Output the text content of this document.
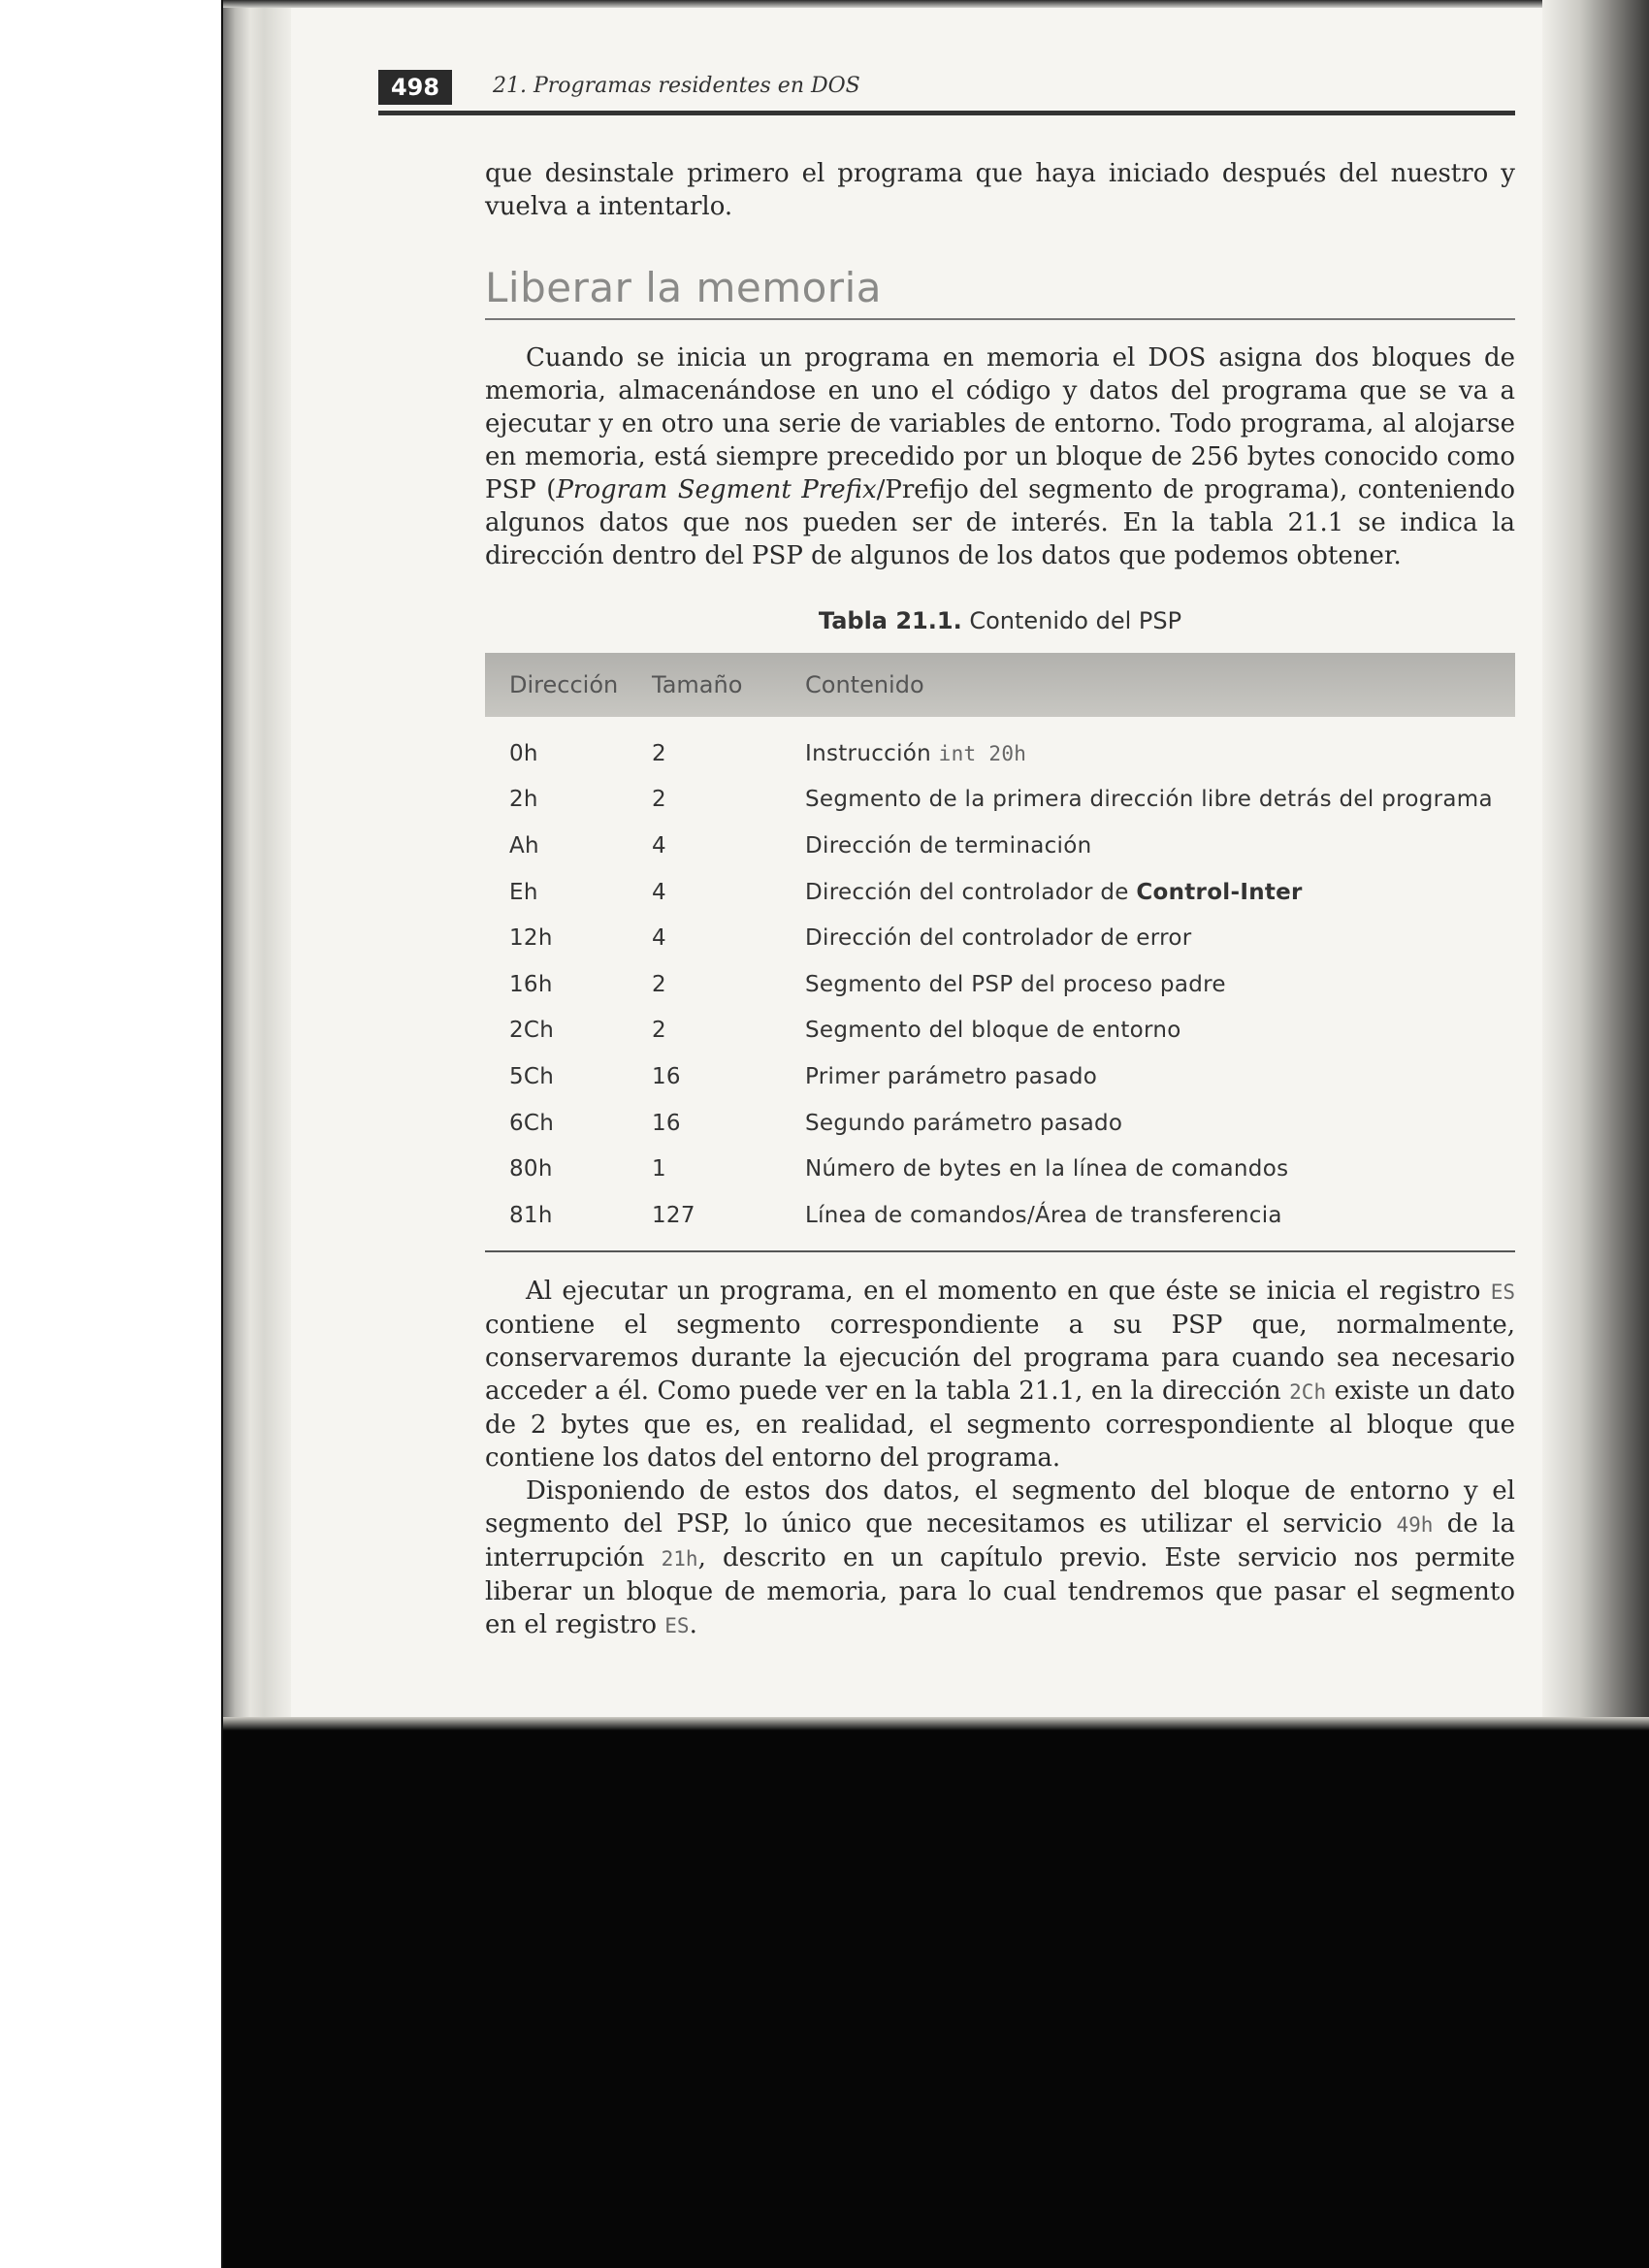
498	21. Programas residentes en DOS

que desinstale primero el programa que haya iniciado después del nuestro y vuelva a intentarlo.

Liberar la memoria

Cuando se inicia un programa en memoria el DOS asigna dos bloques de memoria, almacenándose en uno el código y datos del programa que se va a ejecutar y en otro una serie de variables de entorno. Todo programa, al alojarse en memoria, está siempre precedido por un bloque de 256 bytes conocido como PSP (Program Segment Prefix/Prefijo del segmento de programa), conteniendo algunos datos que nos pueden ser de interés. En la tabla 21.1 se indica la dirección dentro del PSP de algunos de los datos que podemos obtener.

Tabla 21.1. Contenido del PSP
Dirección	Tamaño	Contenido
0h	2	Instrucción int 20h
2h	2	Segmento de la primera dirección libre detrás del programa
Ah	4	Dirección de terminación
Eh	4	Dirección del controlador de Control-Inter
12h	4	Dirección del controlador de error
16h	2	Segmento del PSP del proceso padre
2Ch	2	Segmento del bloque de entorno
5Ch	16	Primer parámetro pasado
6Ch	16	Segundo parámetro pasado
80h	1	Número de bytes en la línea de comandos
81h	127	Línea de comandos/Área de transferencia

Al ejecutar un programa, en el momento en que éste se inicia el registro ES contiene el segmento correspondiente a su PSP que, normalmente, conservaremos durante la ejecución del programa para cuando sea necesario acceder a él. Como puede ver en la tabla 21.1, en la dirección 2Ch existe un dato de 2 bytes que es, en realidad, el segmento correspondiente al bloque que contiene los datos del entorno del programa.

Disponiendo de estos dos datos, el segmento del bloque de entorno y el segmento del PSP, lo único que necesitamos es utilizar el servicio 49h de la interrupción 21h, descrito en un capítulo previo. Este servicio nos permite liberar un bloque de memoria, para lo cual tendremos que pasar el segmento en el registro ES.
